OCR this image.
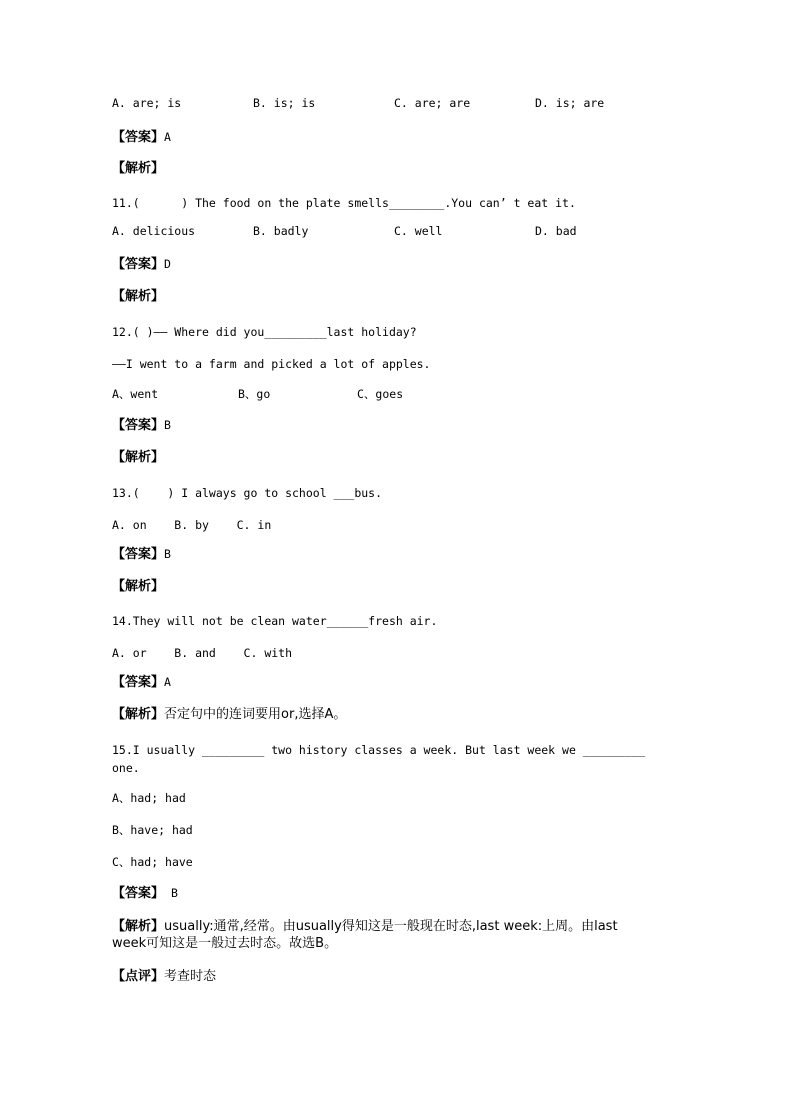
A. are; is	B. is; is	C. are; are	D. is; are
【答案】A
【解析】
11.(      ) The food on the plate smells________.You can’ t eat it.
A. delicious	B. badly	C. well	D. bad
【答案】D
【解析】
12.( )—— Where did you_________last holiday?
——I went to a farm and picked a lot of apples.
A、went	B、go	C、goes
【答案】B
【解析】
13.(    ) I always go to school ___bus.
A. on    B. by    C. in
【答案】B
【解析】
14.They will not be clean water______fresh air.
A. or    B. and    C. with
【答案】A
【解析】否定句中的连词要用or,选择A。
15.I usually _________ two history classes a week. But last week we _________
one.
A、had; had
B、have; had
C、had; have
【答案】 B
【解析】usually:通常,经常。由usually得知这是一般现在时态,last week:上周。由last
week可知这是一般过去时态。故选B。
【点评】考查时态
